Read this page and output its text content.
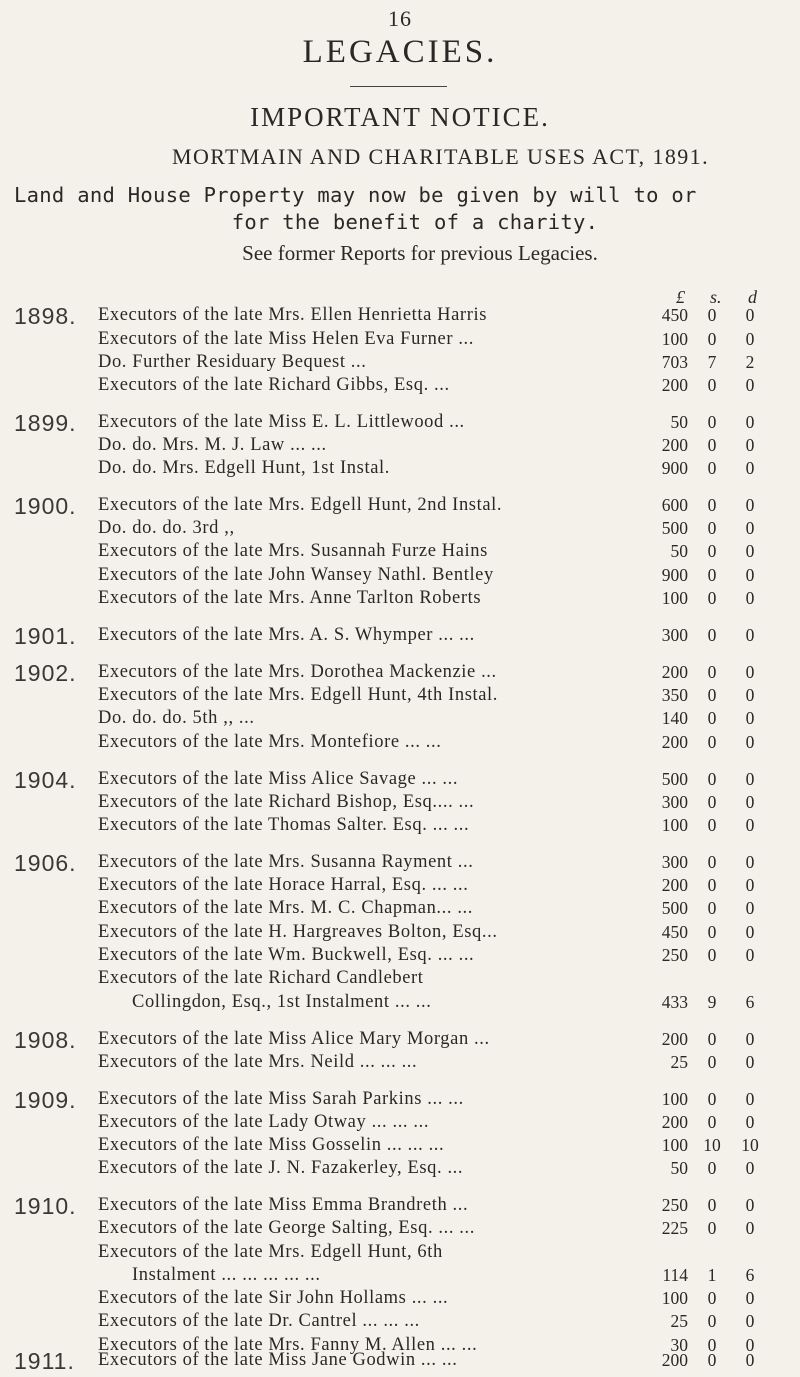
16
LEGACIES.
IMPORTANT NOTICE.
MORTMAIN AND CHARITABLE USES ACT, 1891.
Land and House Property may now be given by will to or
for the benefit of a charity.
See former Reports for previous Legacies.
£ s. d
1898. Executors of the late Mrs. Ellen Henrietta Harris	450	0	0
Executors of the late Miss Helen Eva Furner ...	100	0	0
Do. Further Residuary Bequest ...	703	7	2
Executors of the late Richard Gibbs, Esq. ...	200	0	0
1899. Executors of the late Miss E. L. Littlewood ...	50	0	0
Do. do. Mrs. M. J. Law ... ...	200	0	0
Do. do. Mrs. Edgell Hunt, 1st Instal.	900	0	0
1900. Executors of the late Mrs. Edgell Hunt, 2nd Instal.	600	0	0
Do. do. do. 3rd ,,	500	0	0
Executors of the late Mrs. Susannah Furze Hains	50	0	0
Executors of the late John Wansey Nathl. Bentley	900	0	0
Executors of the late Mrs. Anne Tarlton Roberts	100	0	0
1901. Executors of the late Mrs. A. S. Whymper ... ...	300	0	0
1902. Executors of the late Mrs. Dorothea Mackenzie ...	200	0	0
Executors of the late Mrs. Edgell Hunt, 4th Instal.	350	0	0
Do. do. do. 5th ,, ...	140	0	0
Executors of the late Mrs. Montefiore ... ...	200	0	0
1904. Executors of the late Miss Alice Savage ... ...	500	0	0
Executors of the late Richard Bishop, Esq.... ...	300	0	0
Executors of the late Thomas Salter. Esq. ... ...	100	0	0
1906. Executors of the late Mrs. Susanna Rayment ...	300	0	0
Executors of the late Horace Harral, Esq. ... ...	200	0	0
Executors of the late Mrs. M. C. Chapman... ...	500	0	0
Executors of the late H. Hargreaves Bolton, Esq...	450	0	0
Executors of the late Wm. Buckwell, Esq. ... ...	250	0	0
Executors of the late Richard Candlebert
Collingdon, Esq., 1st Instalment ... ...	433	9	6
1908. Executors of the late Miss Alice Mary Morgan ...	200	0	0
Executors of the late Mrs. Neild ... ... ...	25	0	0
1909. Executors of the late Miss Sarah Parkins ... ...	100	0	0
Executors of the late Lady Otway ... ... ...	200	0	0
Executors of the late Miss Gosselin ... ... ...	100 10 10
Executors of the late J. N. Fazakerley, Esq. ...	50	0	0
1910. Executors of the late Miss Emma Brandreth ...	250	0	0
Executors of the late George Salting, Esq. ... ...	225	0	0
Executors of the late Mrs. Edgell Hunt, 6th
Instalment ... ... ... ... ...	114	1	6
Executors of the late Sir John Hollams ... ...	100	0	0
Executors of the late Dr. Cantrel ... ... ...	25	0	0
Executors of the late Mrs. Fanny M. Allen ... ...	30	0	0
1911. Executors of the late Miss Jane Godwin ... ...	200	0	0
